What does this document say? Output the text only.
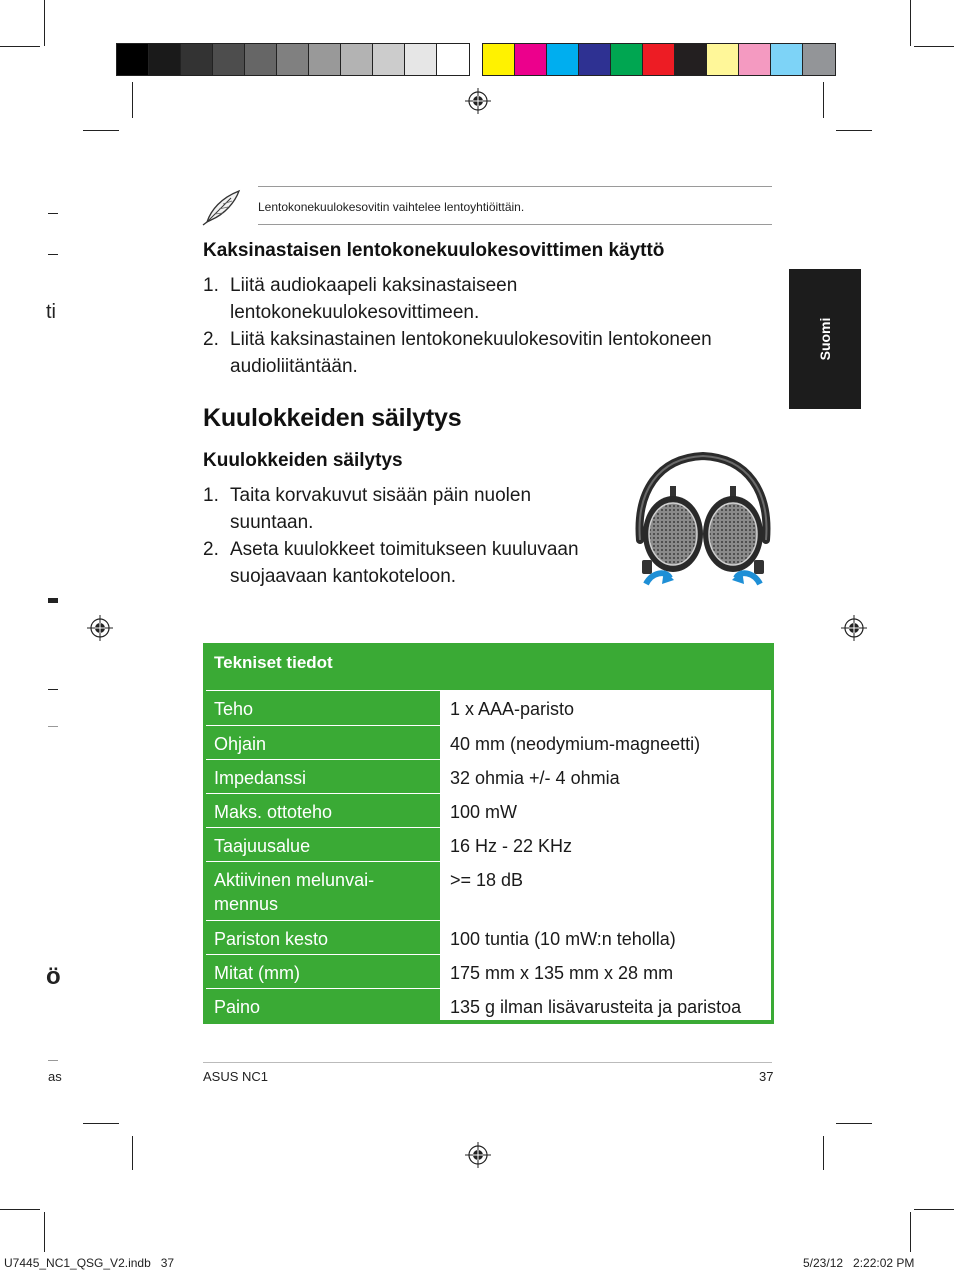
ti
ö
as
Lentokonekuulokesovitin vaihtelee lentoyhtiöittäin.
Kaksinastaisen lentokonekuulokesovittimen käyttö
1. Liitä audiokaapeli kaksinastaiseen
lentokonekuulokesovittimeen.
2. Liitä kaksinastainen lentokonekuulokesovitin lentokoneen
audioliitäntään.
Kuulokkeiden säilytys
Kuulokkeiden säilytys
1. Taita korvakuvut sisään päin nuolen
suuntaan.
2. Aseta kuulokkeet toimitukseen kuuluvaan
suojaavaan kantokoteloon.
Suomi
Tekniset tiedot
Teho	1 x AAA-paristo
Ohjain	40 mm (neodymium-magneetti)
Impedanssi	32 ohmia +/- 4 ohmia
Maks. ottoteho	100 mW
Taajuusalue	16 Hz - 22 KHz
Aktiivinen melunvai-
mennus
>= 18 dB
Pariston kesto	100 tuntia (10 mW:n teholla)
Mitat (mm)	175 mm x 135 mm x 28 mm
Paino	135 g ilman lisävarusteita ja paristoa
ASUS NC1	37
U7445_NC1_QSG_V2.indb   37	5/23/12   2:22:02 PM
